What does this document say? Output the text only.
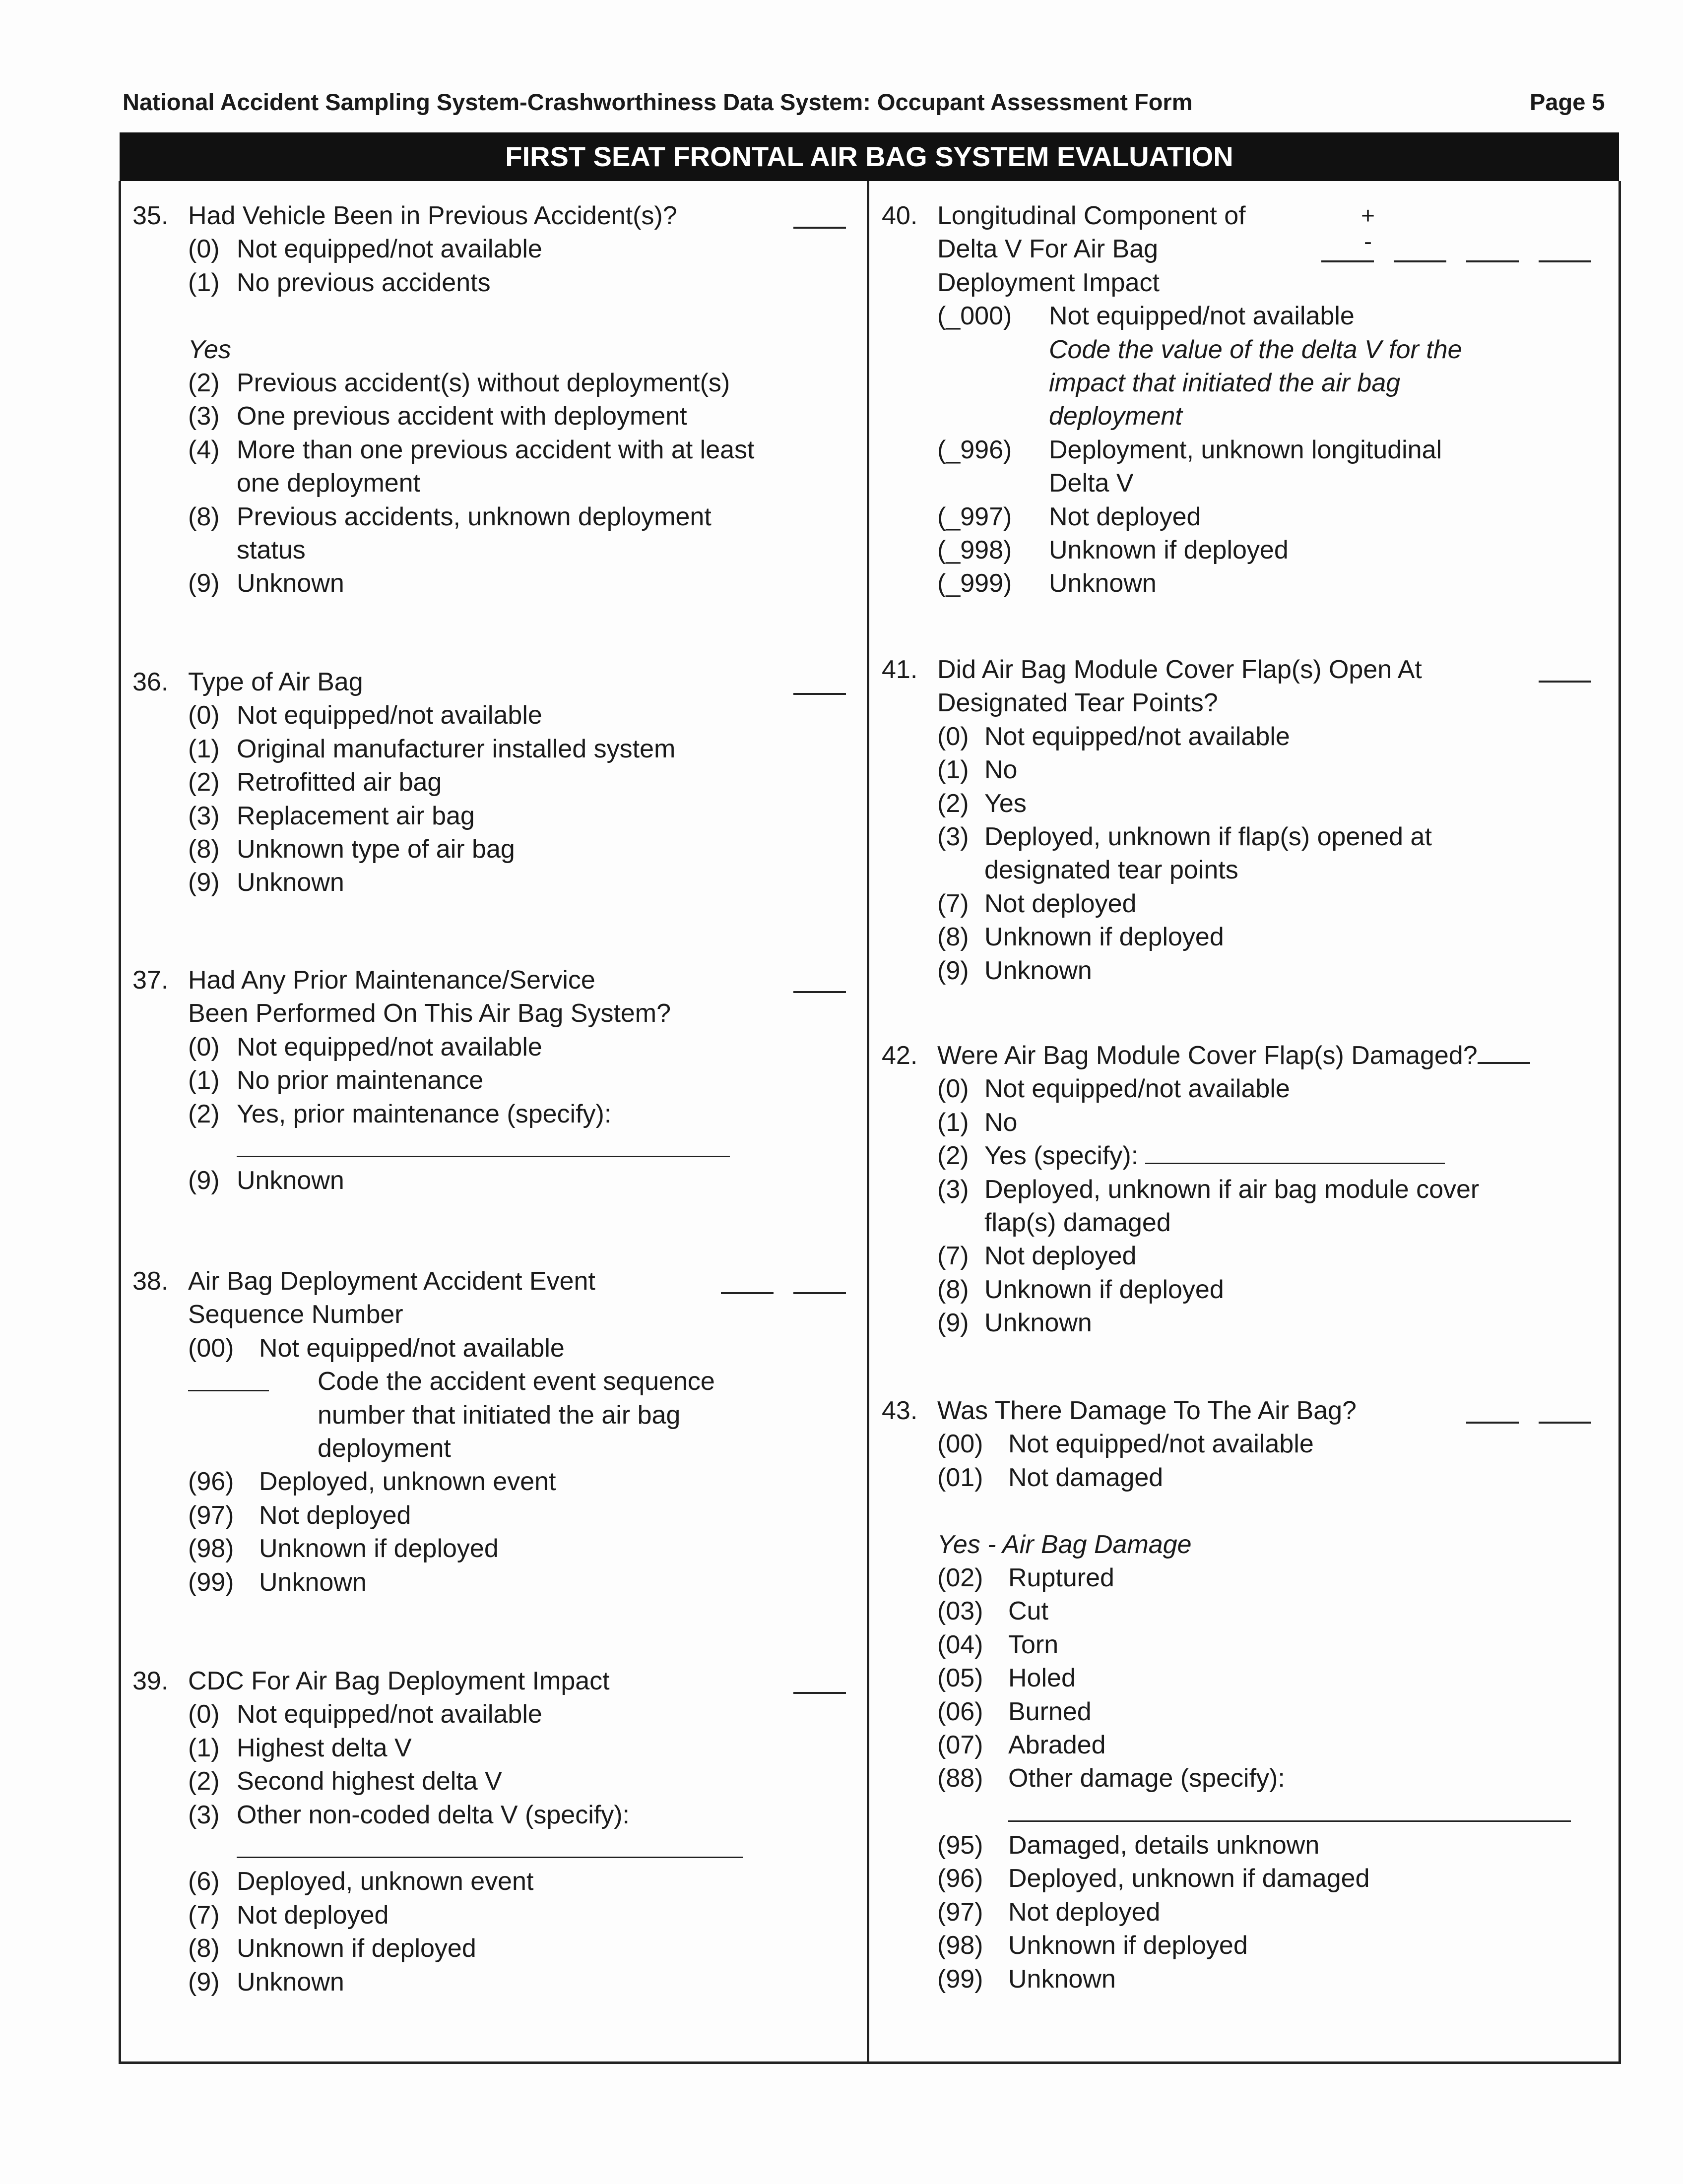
National Accident Sampling System-Crashworthiness Data System: Occupant Assessment Form	Page 5
FIRST SEAT FRONTAL AIR BAG SYSTEM EVALUATION
35. Had Vehicle Been in Previous Accident(s)?
(0) Not equipped/not available
(1) No previous accidents
Yes
(2) Previous accident(s) without deployment(s)
(3) One previous accident with deployment
(4) More than one previous accident with at least
one deployment
(8) Previous accidents, unknown deployment
status
(9) Unknown
36. Type of Air Bag
(0) Not equipped/not available
(1) Original manufacturer installed system
(2) Retrofitted air bag
(3) Replacement air bag
(8) Unknown type of air bag
(9) Unknown
37. Had Any Prior Maintenance/Service
Been Performed On This Air Bag System?
(0) Not equipped/not available
(1) No prior maintenance
(2) Yes, prior maintenance (specify):
(9) Unknown
38. Air Bag Deployment Accident Event
Sequence Number
(00) Not equipped/not available
Code the accident event sequence
number that initiated the air bag
deployment
(96) Deployed, unknown event
(97) Not deployed
(98) Unknown if deployed
(99) Unknown
39. CDC For Air Bag Deployment Impact
(0) Not equipped/not available
(1) Highest delta V
(2) Second highest delta V
(3) Other non-coded delta V (specify):
(6) Deployed, unknown event
(7) Not deployed
(8) Unknown if deployed
(9) Unknown
40.	+
-
Longitudinal Component of
Delta V For Air Bag
Deployment Impact
(_000) Not equipped/not available
Code the value of the delta V for the
impact that initiated the air bag
deployment
(_996) Deployment, unknown longitudinal
Delta V
(_997) Not deployed
(_998) Unknown if deployed
(_999) Unknown
41. Did Air Bag Module Cover Flap(s) Open At
Designated Tear Points?
(0) Not equipped/not available
(1) No
(2) Yes
(3) Deployed, unknown if flap(s) opened at
designated tear points
(7) Not deployed
(8) Unknown if deployed
(9) Unknown
42. Were Air Bag Module Cover Flap(s) Damaged?
(0) Not equipped/not available
(1) No
(2) Yes (specify):
(3) Deployed, unknown if air bag module cover
flap(s) damaged
(7) Not deployed
(8) Unknown if deployed
(9) Unknown
43. Was There Damage To The Air Bag?
(00) Not equipped/not available
(01) Not damaged
Yes - Air Bag Damage
(02) Ruptured
(03) Cut
(04) Torn
(05) Holed
(06) Burned
(07) Abraded
(88) Other damage (specify):
(95) Damaged, details unknown
(96) Deployed, unknown if damaged
(97) Not deployed
(98) Unknown if deployed
(99) Unknown
